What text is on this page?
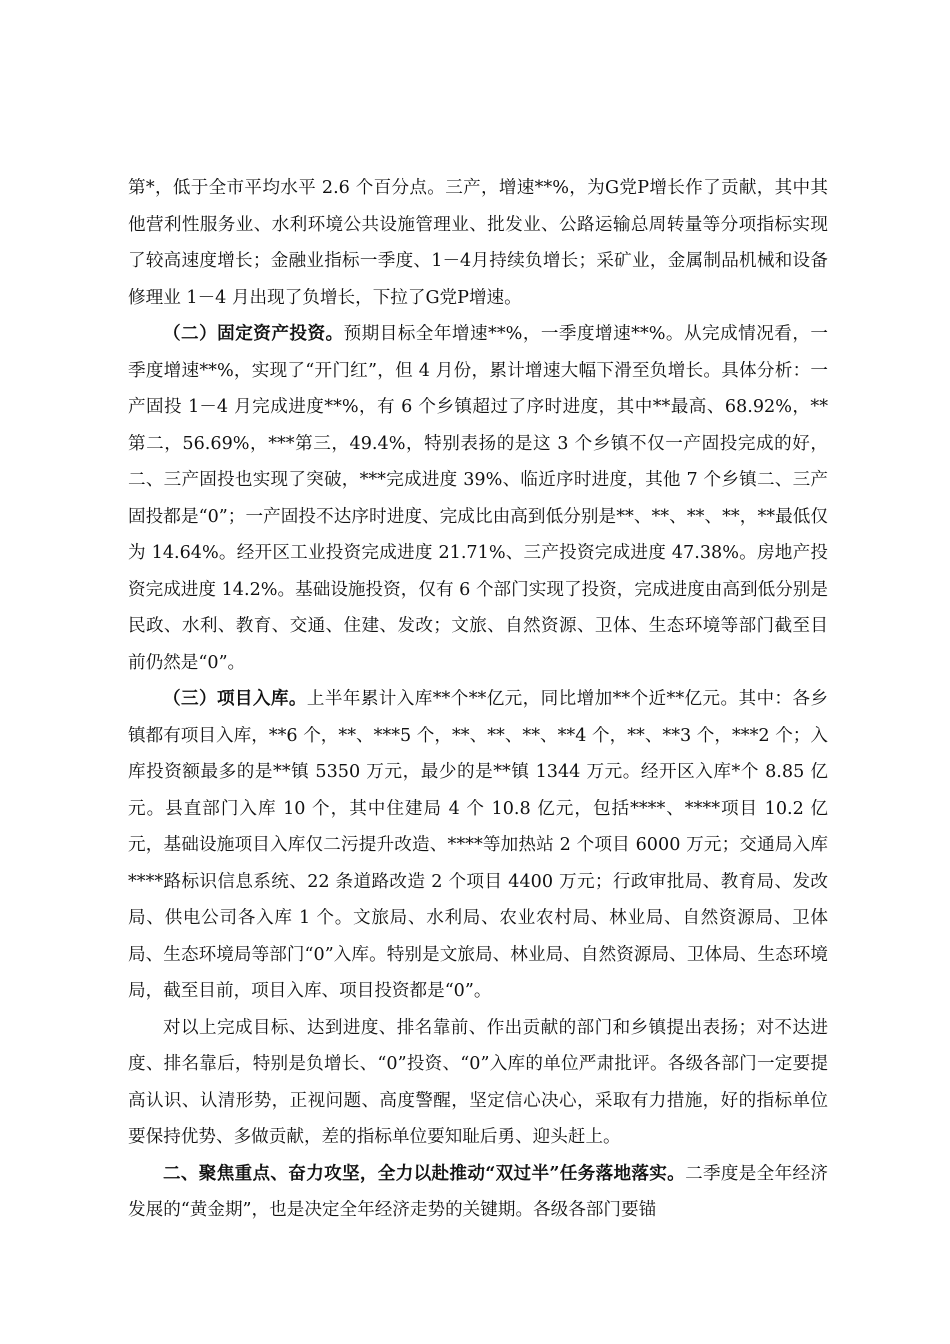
第*，低于全市平均水平 2.6 个百分点。三产，增速**%，为G党P增长作了贡献，其中其他营利性服务业、水利环境公共设施管理业、批发业、公路运输总周转量等分项指标实现了较高速度增长；金融业指标一季度、1－4月持续负增长；采矿业，金属制品机械和设备修理业 1－4 月出现了负增长，下拉了G党P增速。

（二）固定资产投资。预期目标全年增速**%，一季度增速**%。从完成情况看，一季度增速**%，实现了“开门红”，但 4 月份，累计增速大幅下滑至负增长。具体分析：一产固投 1－4 月完成进度**%，有 6 个乡镇超过了序时进度，其中**最高、68.92%，**第二，56.69%，***第三，49.4%，特别表扬的是这 3 个乡镇不仅一产固投完成的好，二、三产固投也实现了突破，***完成进度 39%、临近序时进度，其他 7 个乡镇二、三产固投都是“0”；一产固投不达序时进度、完成比由高到低分别是**、**、**、**，**最低仅为 14.64%。经开区工业投资完成进度 21.71%、三产投资完成进度 47.38%。房地产投资完成进度 14.2%。基础设施投资，仅有 6 个部门实现了投资，完成进度由高到低分别是民政、水利、教育、交通、住建、发改；文旅、自然资源、卫体、生态环境等部门截至目前仍然是“0”。

（三）项目入库。上半年累计入库**个**亿元，同比增加**个近**亿元。其中：各乡镇都有项目入库，**6 个，**、***5 个，**、**、**、**4 个，**、**3 个，***2 个；入库投资额最多的是**镇 5350 万元，最少的是**镇 1344 万元。经开区入库*个 8.85 亿元。县直部门入库 10 个，其中住建局 4 个 10.8 亿元，包括****、****项目 10.2 亿元，基础设施项目入库仅二污提升改造、****等加热站 2 个项目 6000 万元；交通局入库****路标识信息系统、22 条道路改造 2 个项目 4400 万元；行政审批局、教育局、发改局、供电公司各入库 1 个。文旅局、水利局、农业农村局、林业局、自然资源局、卫体局、生态环境局等部门“0”入库。特别是文旅局、林业局、自然资源局、卫体局、生态环境局，截至目前，项目入库、项目投资都是“0”。

对以上完成目标、达到进度、排名靠前、作出贡献的部门和乡镇提出表扬；对不达进度、排名靠后，特别是负增长、“0”投资、“0”入库的单位严肃批评。各级各部门一定要提高认识、认清形势，正视问题、高度警醒，坚定信心决心，采取有力措施，好的指标单位要保持优势、多做贡献，差的指标单位要知耻后勇、迎头赶上。

二、聚焦重点、奋力攻坚，全力以赴推动“双过半”任务落地落实。二季度是全年经济发展的“黄金期”，也是决定全年经济走势的关键期。各级各部门要锚
